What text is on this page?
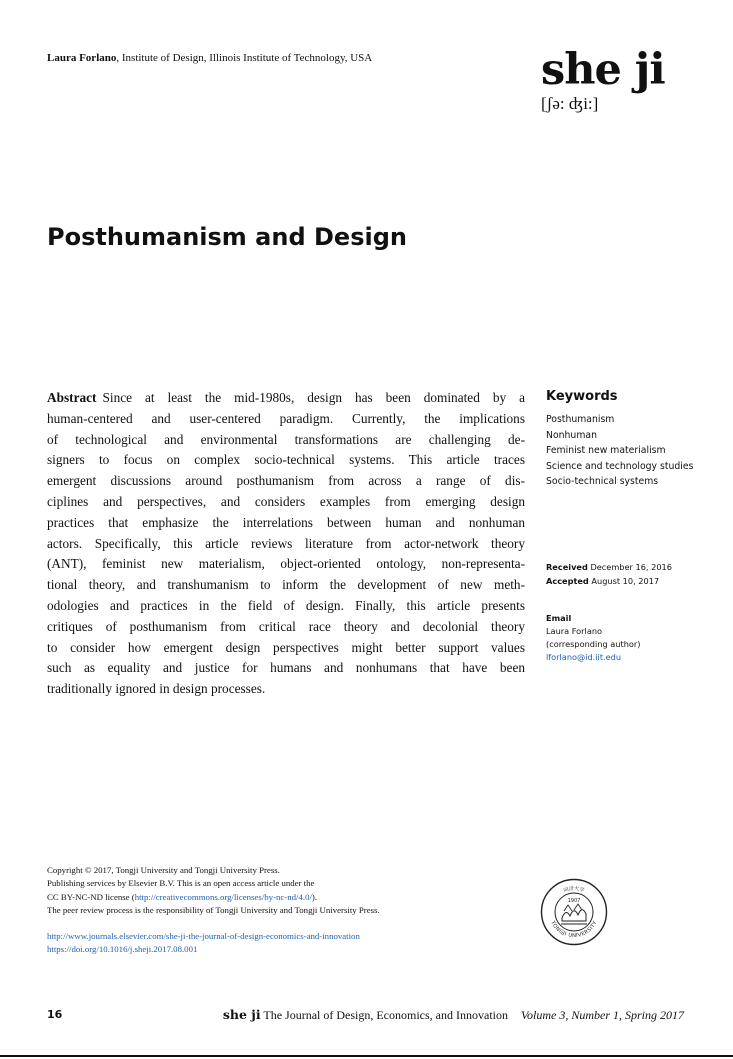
Laura Forlano, Institute of Design, Illinois Institute of Technology, USA	she ji
[ʃə: ʤi:]
Posthumanism and Design
Abstract Since at least the mid-1980s, design has been dominated by a
human-centered and user-centered paradigm. Currently, the implications
of technological and environmental transformations are challenging de-
signers to focus on complex socio-technical systems. This article traces
emergent discussions around posthumanism from across a range of dis-
ciplines and perspectives, and considers examples from emerging design
practices that emphasize the interrelations between human and nonhuman
actors. Specifically, this article reviews literature from actor-network theory
(ANT), feminist new materialism, object-oriented ontology, non-representa-
tional theory, and transhumanism to inform the development of new meth-
odologies and practices in the field of design. Finally, this article presents
critiques of posthumanism from critical race theory and decolonial theory
to consider how emergent design perspectives might better support values
such as equality and justice for humans and nonhumans that have been
traditionally ignored in design processes.
Keywords
Posthumanism
Nonhuman
Feminist new materialism
Science and technology studies
Socio-technical systems
Received December 16, 2016
Accepted August 10, 2017
Email
Laura Forlano
(corresponding author)
lforlano@id.iit.edu
Copyright © 2017, Tongji University and Tongji University Press.
Publishing services by Elsevier B.V. This is an open access article under the
CC BY-NC-ND license (http://creativecommons.org/licenses/by-nc-nd/4.0/).
The peer review process is the responsibility of Tongji University and Tongji University Press.
http://www.journals.elsevier.com/she-ji-the-journal-of-design-economics-and-innovation
https://doi.org/10.1016/j.sheji.2017.08.001
同济大学
TONGJI UNIVERSITY
1907
16	she ji The Journal of Design, Economics, and Innovation Volume 3, Number 1, Spring 2017
